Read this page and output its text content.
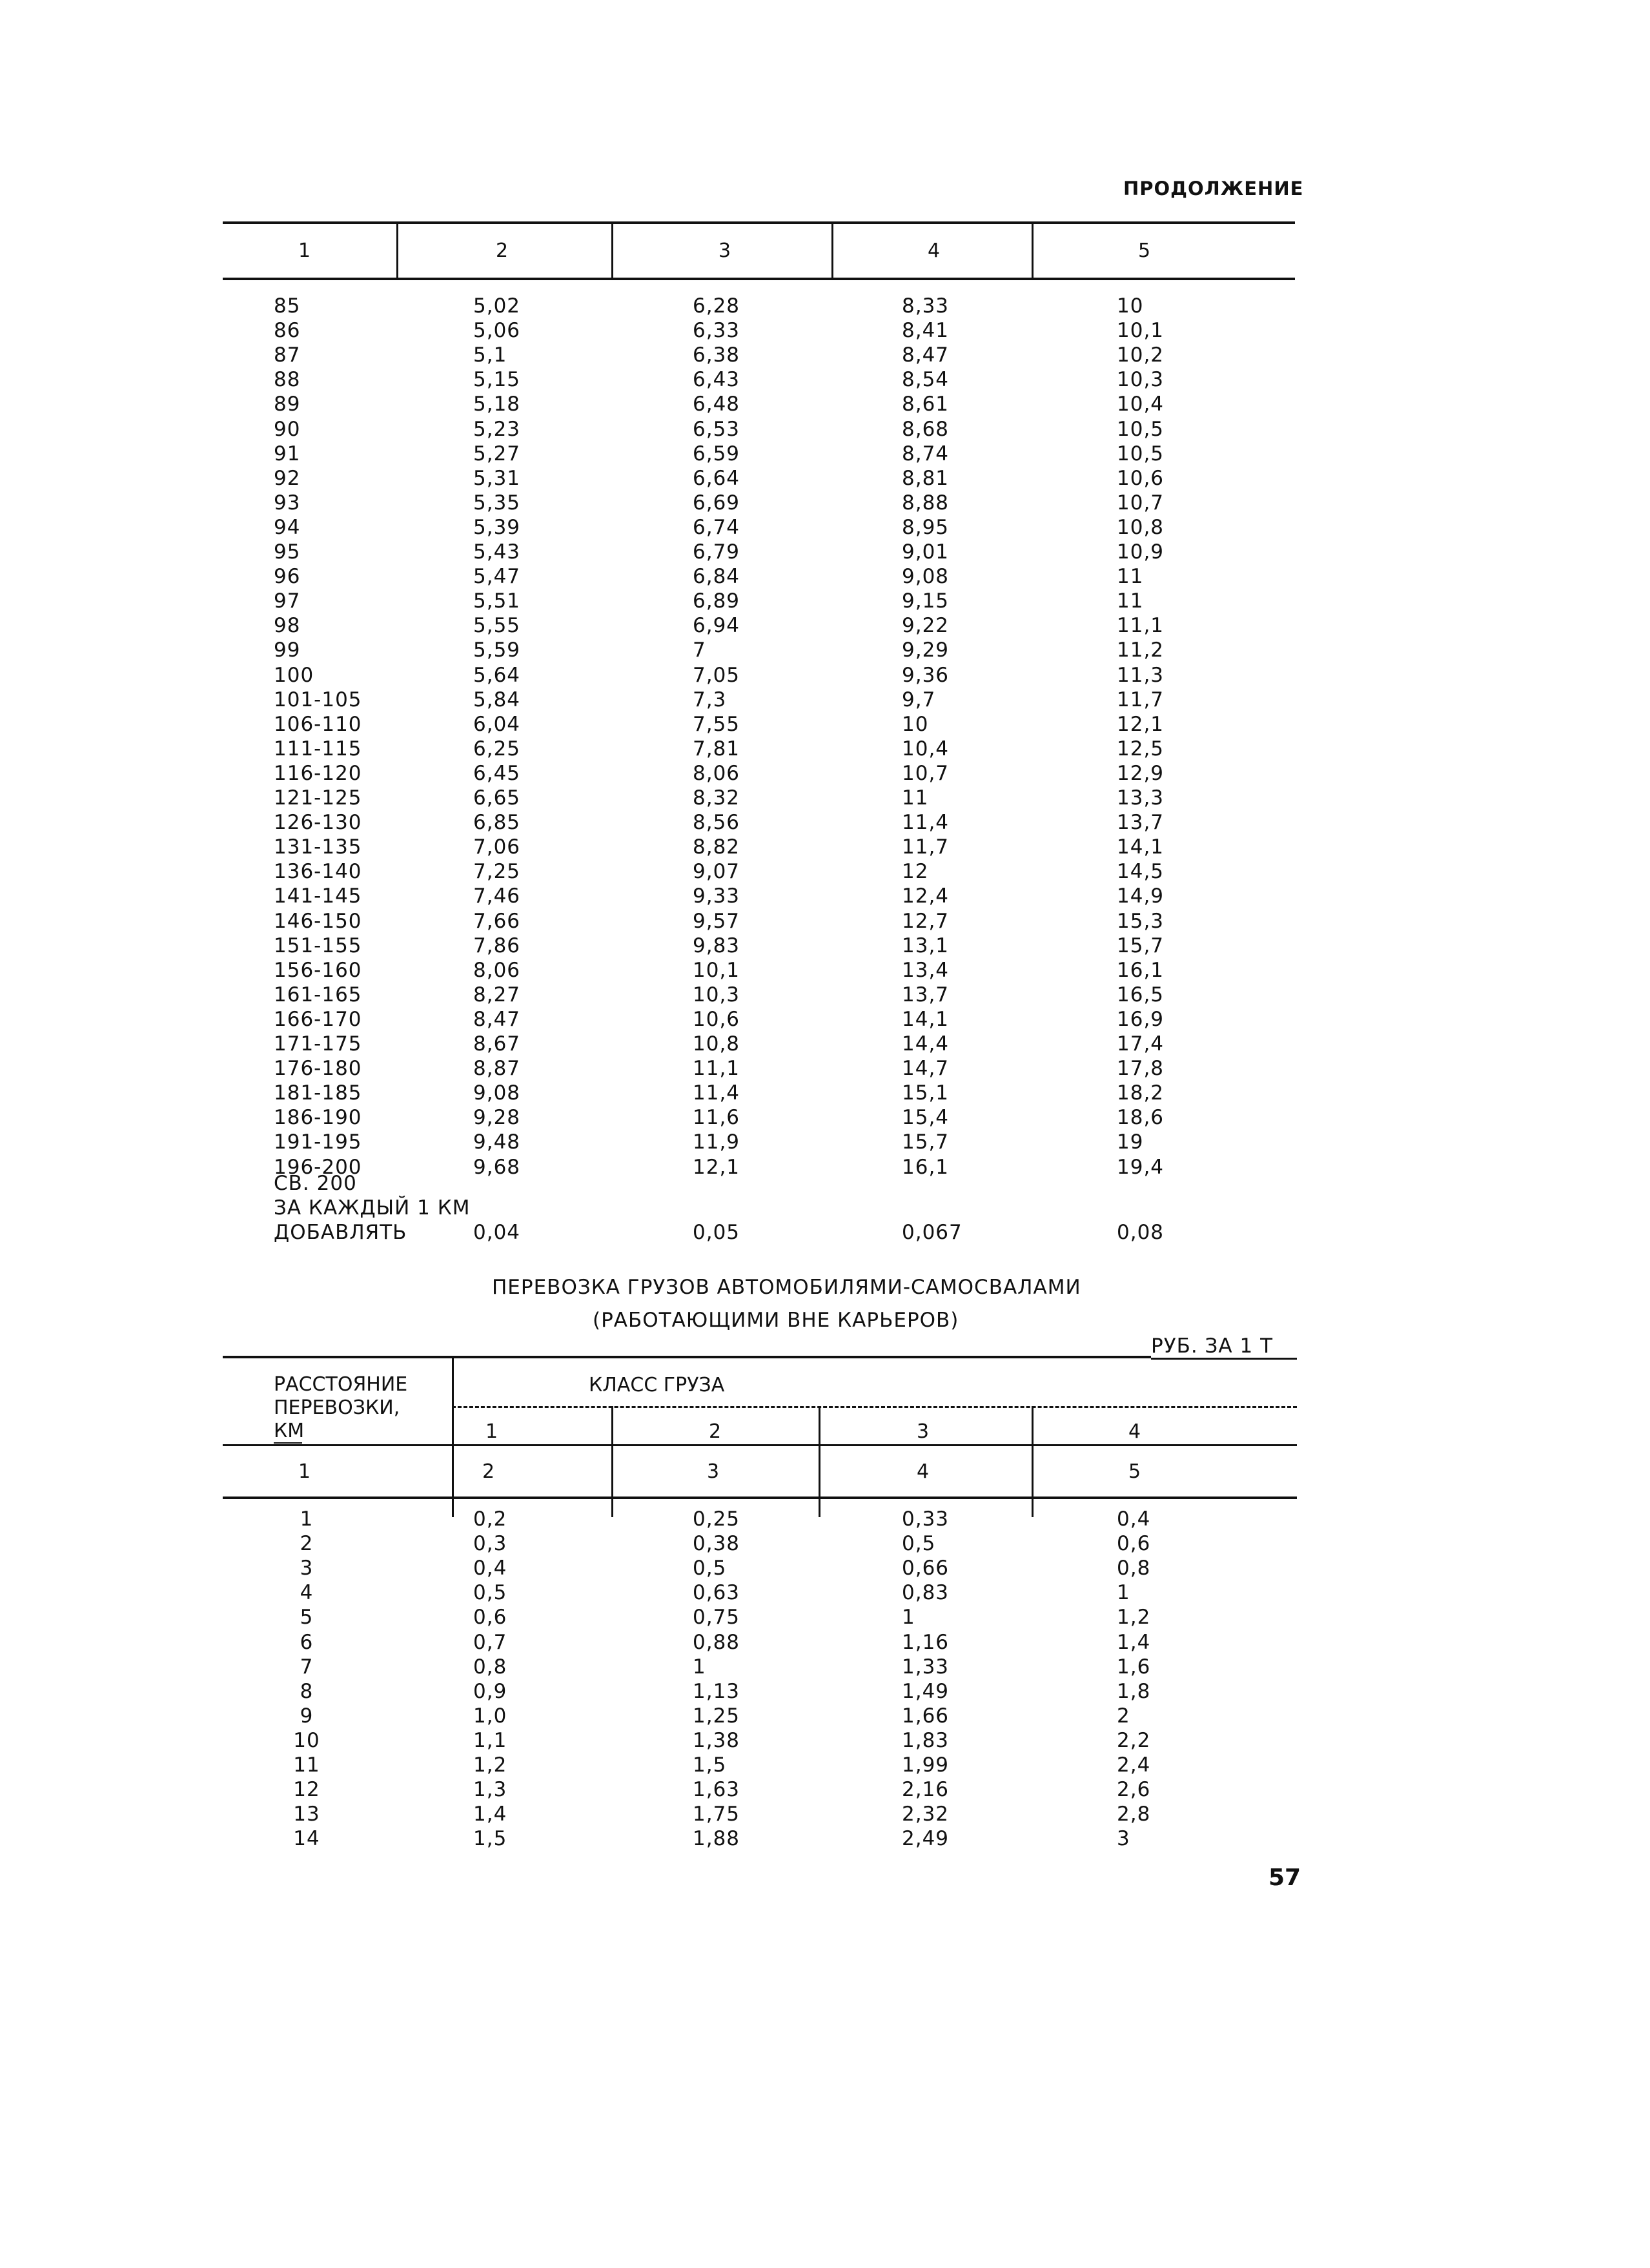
ПРОДОЛЖЕНИЕ
1	2	3	4	5
85	5,02	6,28	8,33	10
86	5,06	6,33	8,41	10,1
87	5,1	6,38	8,47	10,2
88	5,15	6,43	8,54	10,3
89	5,18	6,48	8,61	10,4
90	5,23	6,53	8,68	10,5
91	5,27	6,59	8,74	10,5
92	5,31	6,64	8,81	10,6
93	5,35	6,69	8,88	10,7
94	5,39	6,74	8,95	10,8
95	5,43	6,79	9,01	10,9
96	5,47	6,84	9,08	11
97	5,51	6,89	9,15	11
98	5,55	6,94	9,22	11,1
99	5,59	7	9,29	11,2
100	5,64	7,05	9,36	11,3
101-105	5,84	7,3	9,7	11,7
106-110	6,04	7,55	10	12,1
111-115	6,25	7,81	10,4	12,5
116-120	6,45	8,06	10,7	12,9
121-125	6,65	8,32	11	13,3
126-130	6,85	8,56	11,4	13,7
131-135	7,06	8,82	11,7	14,1
136-140	7,25	9,07	12	14,5
141-145	7,46	9,33	12,4	14,9
146-150	7,66	9,57	12,7	15,3
151-155	7,86	9,83	13,1	15,7
156-160	8,06	10,1	13,4	16,1
161-165	8,27	10,3	13,7	16,5
166-170	8,47	10,6	14,1	16,9
171-175	8,67	10,8	14,4	17,4
176-180	8,87	11,1	14,7	17,8
181-185	9,08	11,4	15,1	18,2
186-190	9,28	11,6	15,4	18,6
191-195	9,48	11,9	15,7	19
196-200	9,68	12,1	16,1	19,4
СВ. 200
ЗА КАЖДЫЙ 1 КМ
ДОБАВЛЯТЬ	0,04	0,05	0,067	0,08
ПЕРЕВОЗКА ГРУЗОВ АВТОМОБИЛЯМИ-САМОСВАЛАМИ
(РАБОТАЮЩИМИ ВНЕ КАРЬЕРОВ)
РУБ. ЗА 1 Т
РАССТОЯНИЕ
ПЕРЕВОЗКИ,
КМ
КЛАСС ГРУЗА
1	2	3	4
1	2	3	4	5
1	0,2	0,25	0,33	0,4
2	0,3	0,38	0,5	0,6
3	0,4	0,5	0,66	0,8
4	0,5	0,63	0,83	1
5	0,6	0,75	1	1,2
6	0,7	0,88	1,16	1,4
7	0,8	1	1,33	1,6
8	0,9	1,13	1,49	1,8
9	1,0	1,25	1,66	2
10	1,1	1,38	1,83	2,2
11	1,2	1,5	1,99	2,4
12	1,3	1,63	2,16	2,6
13	1,4	1,75	2,32	2,8
14	1,5	1,88	2,49	3
57
